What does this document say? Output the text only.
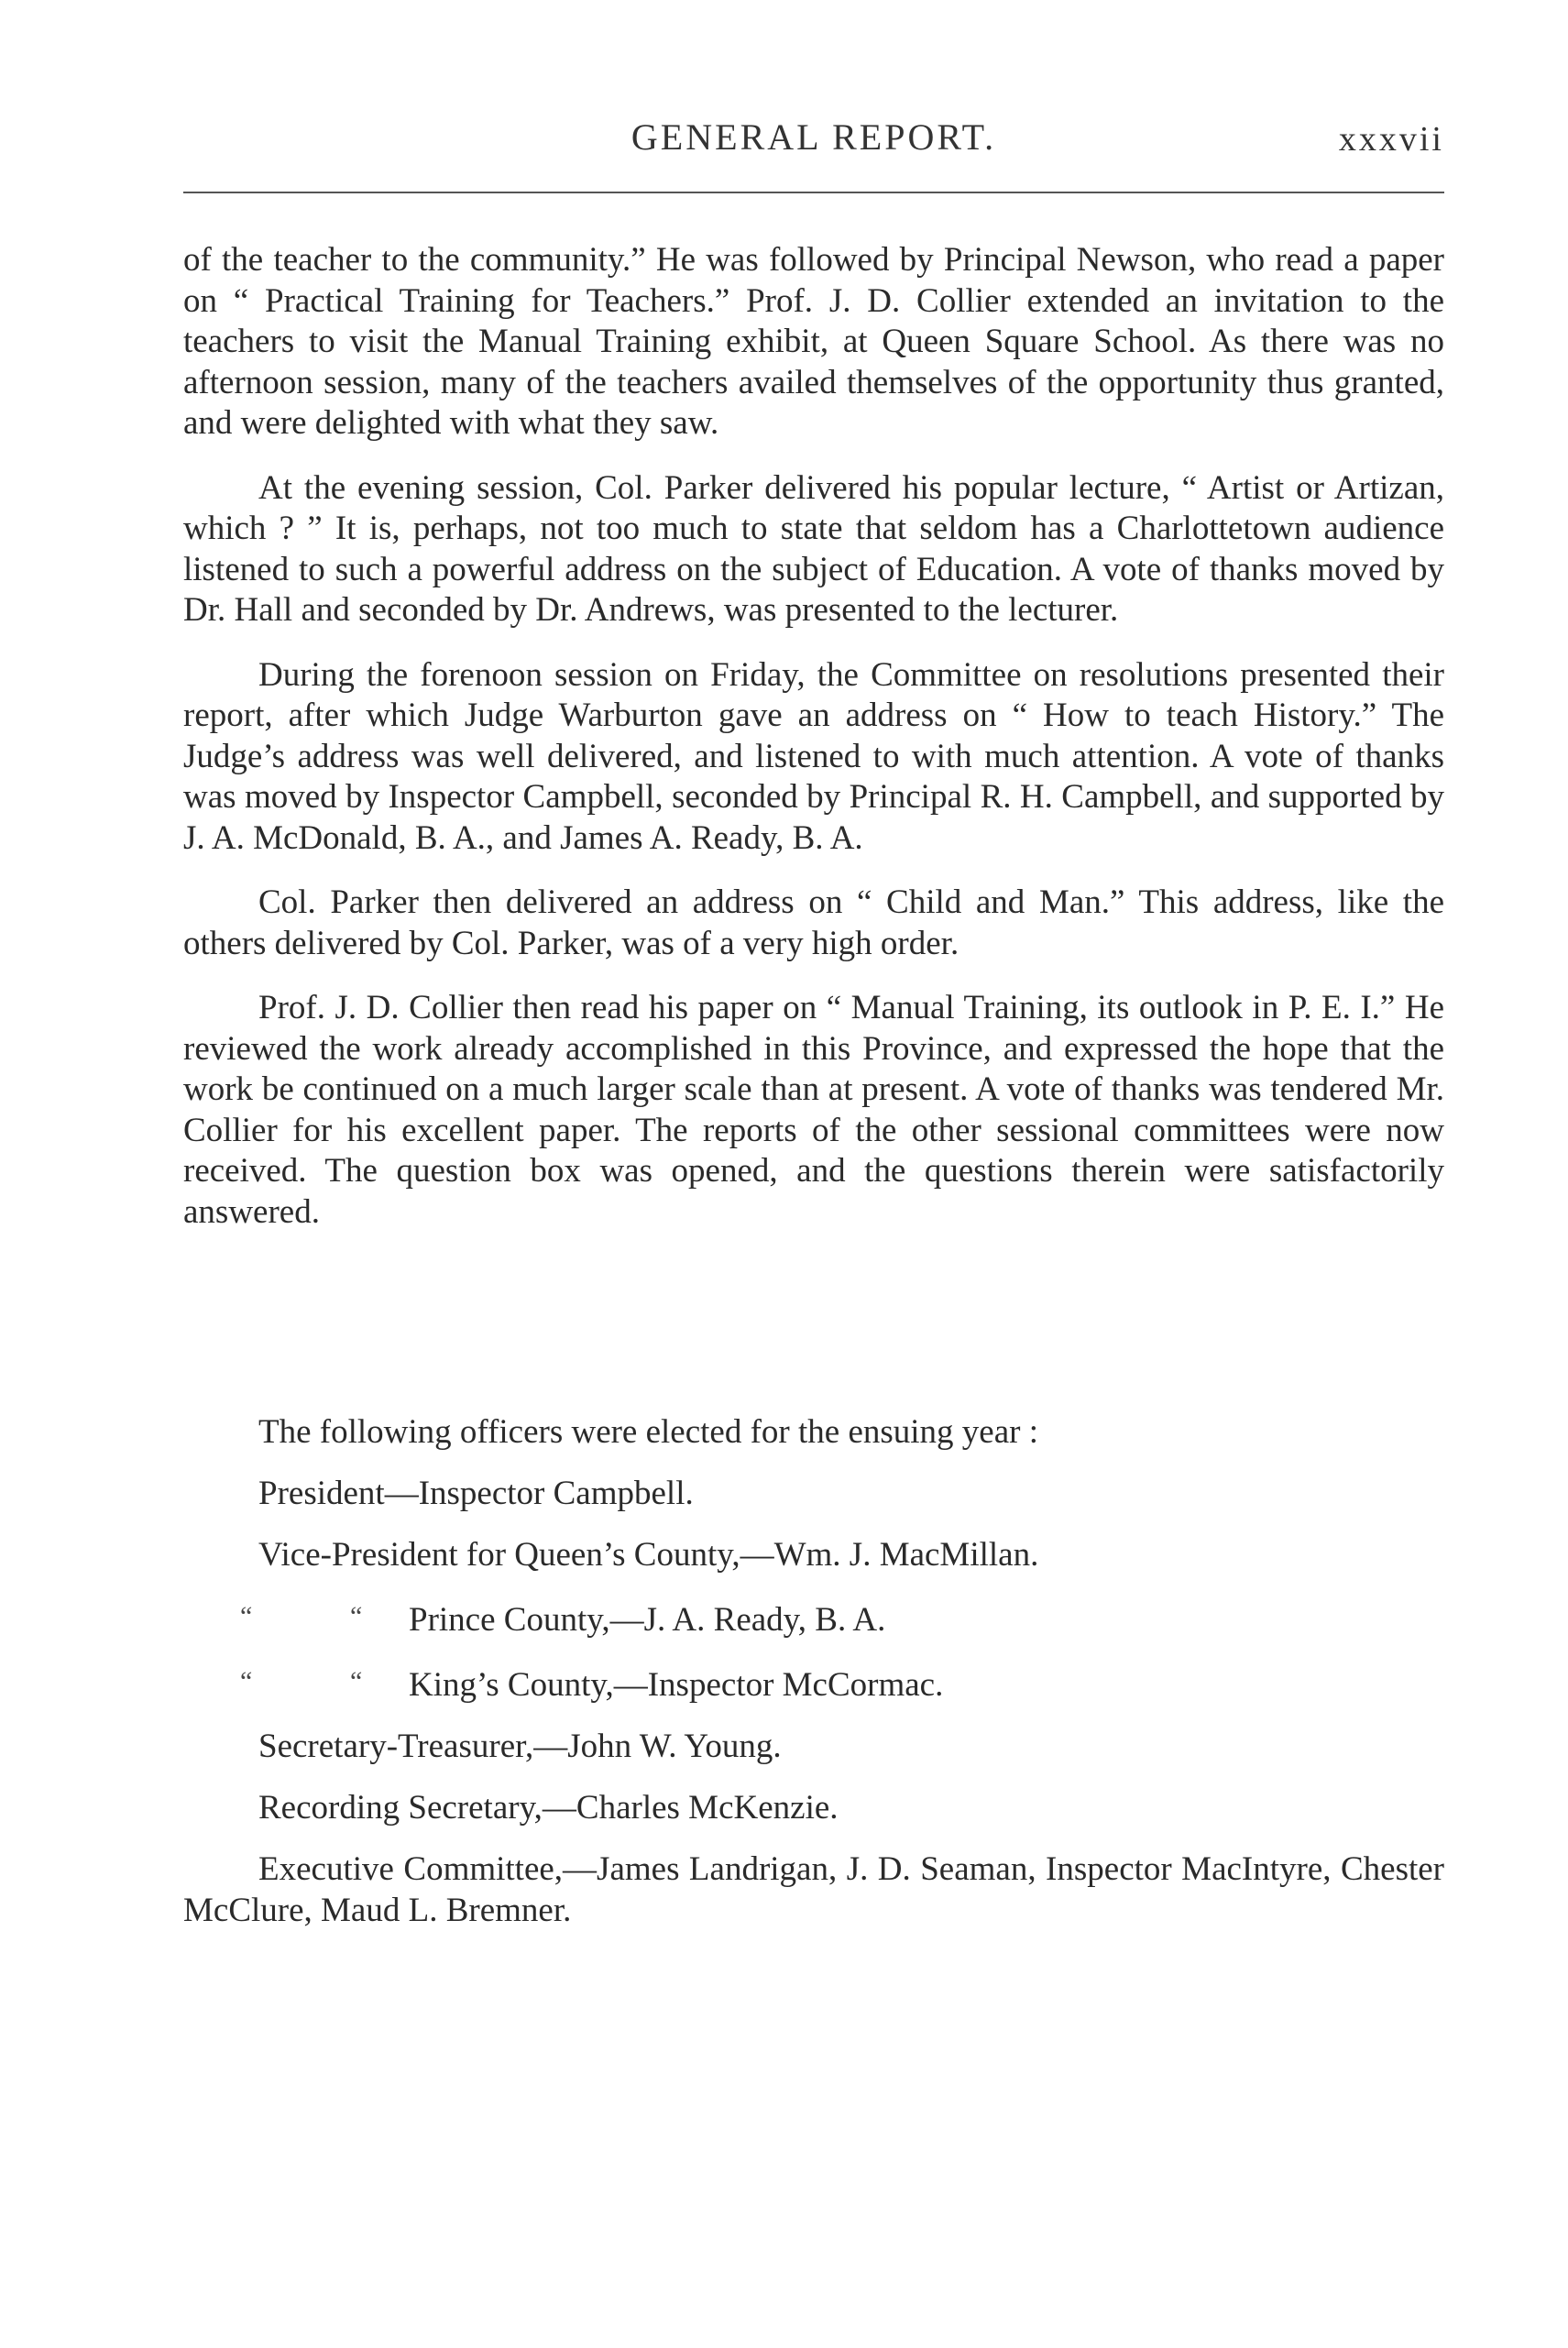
GENERAL REPORT.	xxxvii

of the teacher to the community.” He was followed by Principal Newson, who read a paper on “ Practical Training for Teachers.” Prof. J. D. Collier extended an invitation to the teachers to visit the Manual Training exhibit, at Queen Square School. As there was no afternoon session, many of the teachers availed themselves of the opportunity thus granted, and were delighted with what they saw.

At the evening session, Col. Parker delivered his popular lecture, “ Artist or Artizan, which ? ” It is, perhaps, not too much to state that seldom has a Charlottetown audience listened to such a powerful address on the subject of Education. A vote of thanks moved by Dr. Hall and seconded by Dr. Andrews, was presented to the lecturer.

During the forenoon session on Friday, the Committee on resolutions presented their report, after which Judge Warburton gave an address on “ How to teach History.” The Judge’s address was well delivered, and listened to with much attention. A vote of thanks was moved by Inspector Campbell, seconded by Principal R. H. Campbell, and supported by J. A. McDonald, B. A., and James A. Ready, B. A.

Col. Parker then delivered an address on “ Child and Man.” This address, like the others delivered by Col. Parker, was of a very high order.

Prof. J. D. Collier then read his paper on “ Manual Training, its outlook in P. E. I.” He reviewed the work already accomplished in this Province, and expressed the hope that the work be continued on a much larger scale than at present. A vote of thanks was tendered Mr. Collier for his excellent paper. The reports of the other sessional committees were now received. The question box was opened, and the questions therein were satisfactorily answered.

The following officers were elected for the ensuing year :

President—Inspector Campbell.

Vice-President for Queen’s County,—Wm. J. MacMillan.

“	“ Prince County,—J. A. Ready, B. A.

“	“ King’s County,—Inspector McCormac.

Secretary-Treasurer,—John W. Young.

Recording Secretary,—Charles McKenzie.

Executive Committee,—James Landrigan, J. D. Seaman, Inspector MacIntyre, Chester McClure, Maud L. Bremner.
